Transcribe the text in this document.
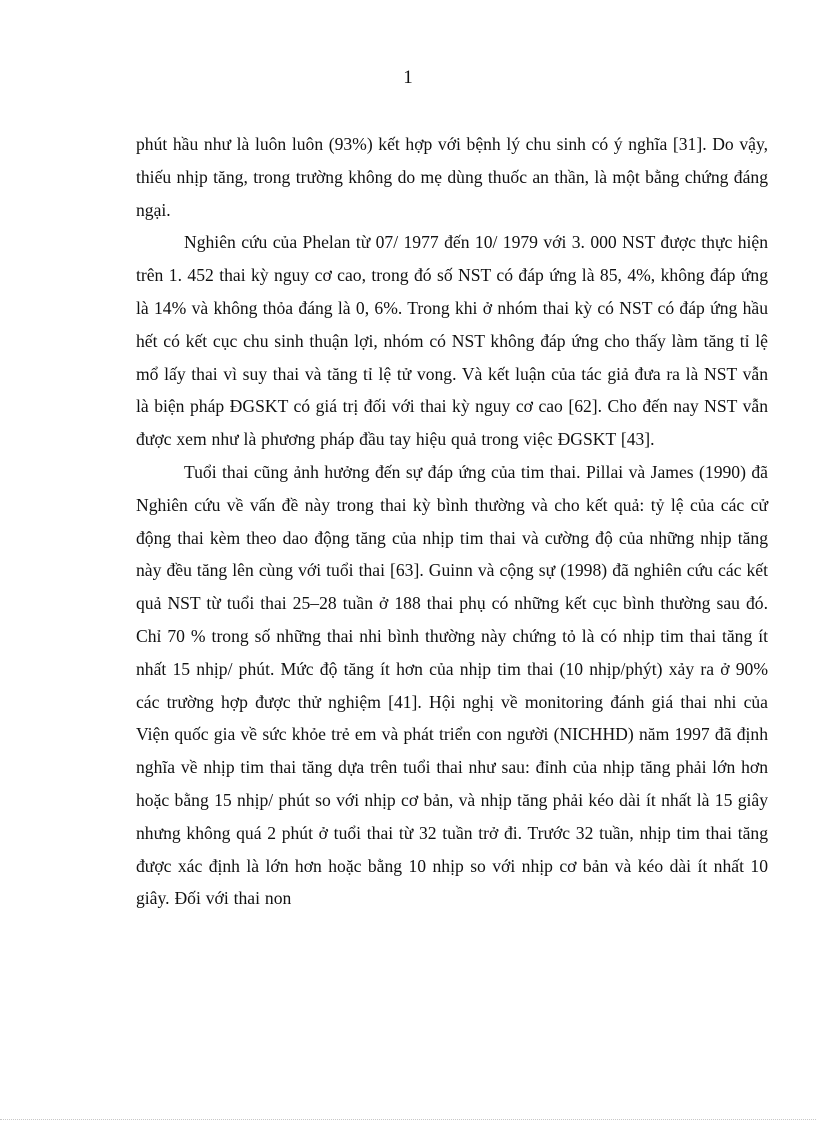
1

phút hầu như là luôn luôn (93%) kết hợp với bệnh lý chu sinh có ý nghĩa [31]. Do vậy, thiếu nhịp tăng, trong trường không do mẹ dùng thuốc an thần, là một bằng chứng đáng ngại.

Nghiên cứu của Phelan từ 07/ 1977 đến 10/ 1979 với 3. 000 NST được thực hiện trên 1. 452 thai kỳ nguy cơ cao, trong đó số NST có đáp ứng là 85, 4%, không đáp ứng là 14% và không thỏa đáng là 0, 6%. Trong khi ở nhóm thai kỳ có NST có đáp ứng hầu hết có kết cục chu sinh thuận lợi, nhóm có NST không đáp ứng cho thấy làm tăng tỉ lệ mổ lấy thai vì suy thai và tăng tỉ lệ tử vong. Và kết luận của tác giả đưa ra là NST vẫn là biện pháp ĐGSKT có giá trị đối với thai kỳ nguy cơ cao [62]. Cho đến nay NST vẫn được xem như là phương pháp đầu tay hiệu quả trong việc ĐGSKT [43].

Tuổi thai cũng ảnh hưởng đến sự đáp ứng của tim thai. Pillai và James (1990) đã Nghiên cứu về vấn đề này trong thai kỳ bình thường và cho kết quả: tỷ lệ của các cử động thai kèm theo dao động tăng của nhịp tim thai và cường độ của những nhịp tăng này đều tăng lên cùng với tuổi thai [63]. Guinn và cộng sự (1998) đã nghiên cứu các kết quả NST từ tuổi thai 25–28 tuần ở 188 thai phụ có những kết cục bình thường sau đó. Chỉ 70 % trong số những thai nhi bình thường này chứng tỏ là có nhịp tim thai tăng ít nhất 15 nhịp/ phút. Mức độ tăng ít hơn của nhịp tim thai (10 nhịp/phýt) xảy ra ở 90% các trường hợp được thử nghiệm [41]. Hội nghị về monitoring đánh giá thai nhi của Viện quốc gia về sức khỏe trẻ em và phát triển con người (NICHHD) năm 1997 đã định nghĩa về nhịp tim thai tăng dựa trên tuổi thai như sau: đỉnh của nhịp tăng phải lớn hơn hoặc bằng 15 nhịp/ phút so với nhịp cơ bản, và nhịp tăng phải kéo dài ít nhất là 15 giây nhưng không quá 2 phút ở tuổi thai từ 32 tuần trở đi. Trước 32 tuần, nhịp tim thai tăng được xác định là lớn hơn hoặc bằng 10 nhịp so với nhịp cơ bản và kéo dài ít nhất 10 giây. Đối với thai non
